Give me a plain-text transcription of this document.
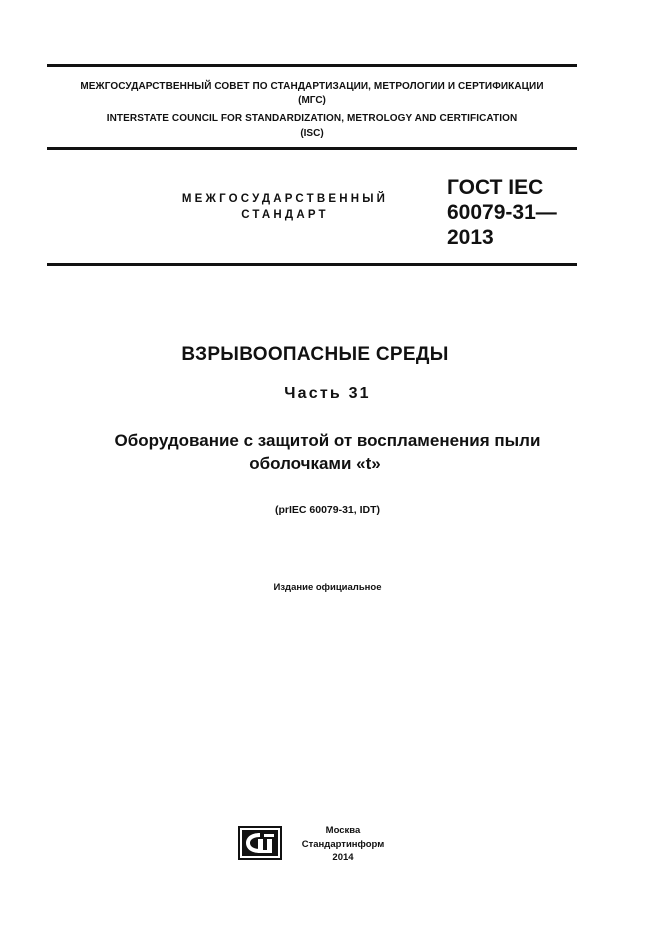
МЕЖГОСУДАРСТВЕННЫЙ СОВЕТ ПО СТАНДАРТИЗАЦИИ, МЕТРОЛОГИИ И СЕРТИФИКАЦИИ
(МГС)
INTERSTATE COUNCIL FOR STANDARDIZATION, METROLOGY AND CERTIFICATION
(ISC)
МЕЖГОСУДАРСТВЕННЫЙ
СТАНДАРТ
ГОСТ IEC
60079-31—
2013
ВЗРЫВООПАСНЫЕ СРЕДЫ
Часть 31
Оборудование с защитой от воспламенения пыли
оболочками «t»
(prIEC 60079-31, IDT)
Издание официальное
Москва
Стандартинформ
2014
